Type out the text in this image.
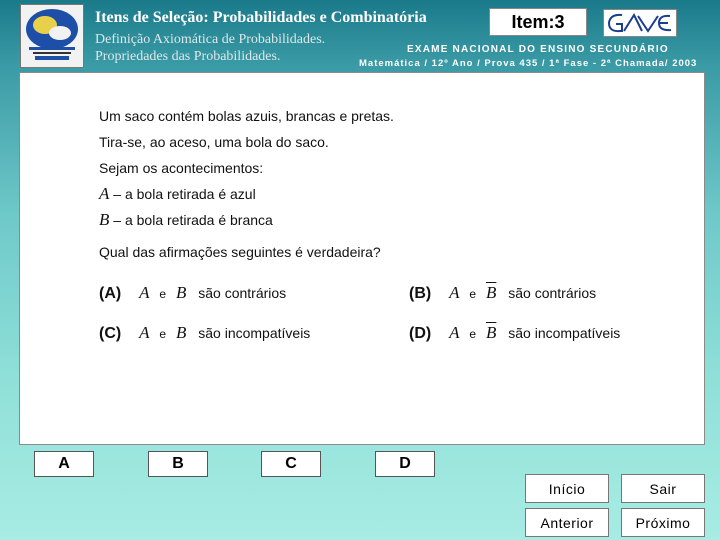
Itens de Seleção: Probabilidades e Combinatória
Definição Axiomática de Probabilidades.
Propriedades das Probabilidades.
Item:3
EXAME NACIONAL DO ENSINO SECUNDÁRIO
Matemática / 12º Ano / Prova 435 / 1ª Fase - 2ª Chamada/ 2003
Um saco contém bolas azuis, brancas e pretas.
Tira-se, ao aceso, uma bola do saco.
Sejam os acontecimentos:
A – a bola retirada é azul
B – a bola retirada é branca
Qual das afirmações seguintes é verdadeira?
(A) A e B são contrários	(B) A e $\overline{B}$ são contrários
(C) A e B são incompatíveis	(D) A e $\overline{B}$ são incompatíveis
A	B	C	D
Início	Sair
Anterior	Próximo
